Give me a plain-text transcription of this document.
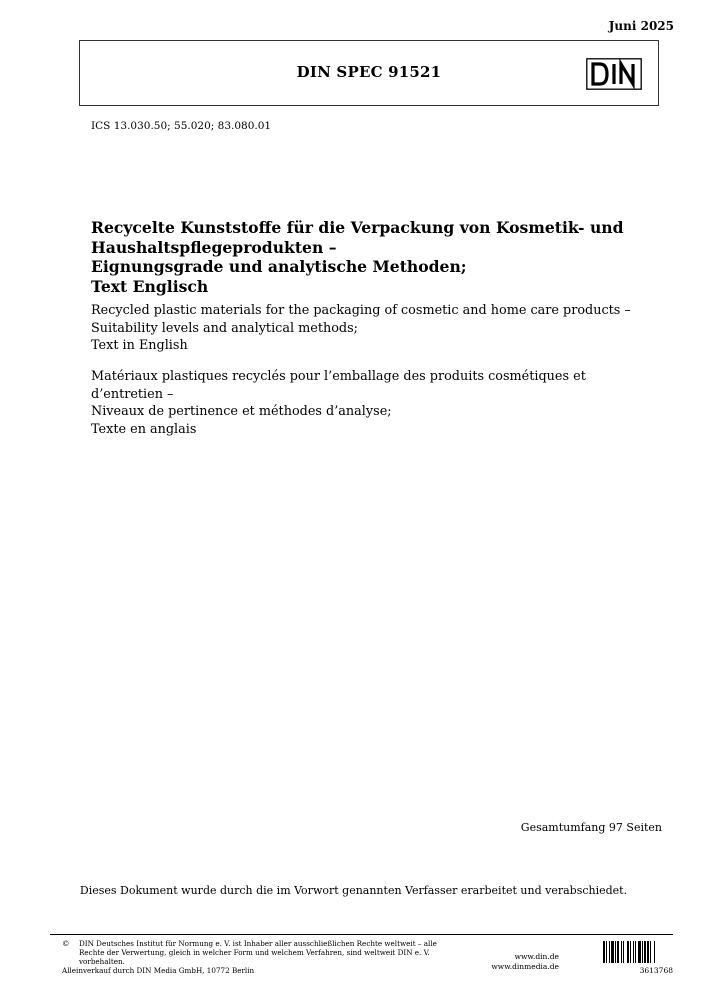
Juni 2025
DIN SPEC 91521	DIN
ICS 13.030.50; 55.020; 83.080.01
Recycelte Kunststoffe für die Verpackung von Kosmetik- und
Haushaltspflegeprodukten –
Eignungsgrade und analytische Methoden;
Text Englisch
Recycled plastic materials for the packaging of cosmetic and home care products –
Suitability levels and analytical methods;
Text in English
Matériaux plastiques recyclés pour l’emballage des produits cosmétiques et
d’entretien –
Niveaux de pertinence et méthodes d’analyse;
Texte en anglais
Gesamtumfang 97 Seiten
Dieses Dokument wurde durch die im Vorwort genannten Verfasser erarbeitet und verabschiedet.
© DIN Deutsches Institut für Normung e. V. ist Inhaber aller ausschließlichen Rechte weltweit – alle
Rechte der Verwertung, gleich in welcher Form und welchem Verfahren, sind weltweit DIN e. V.
vorbehalten.
Alleinverkauf durch DIN Media GmbH, 10772 Berlin
www.din.de
www.dinmedia.de	3613768
